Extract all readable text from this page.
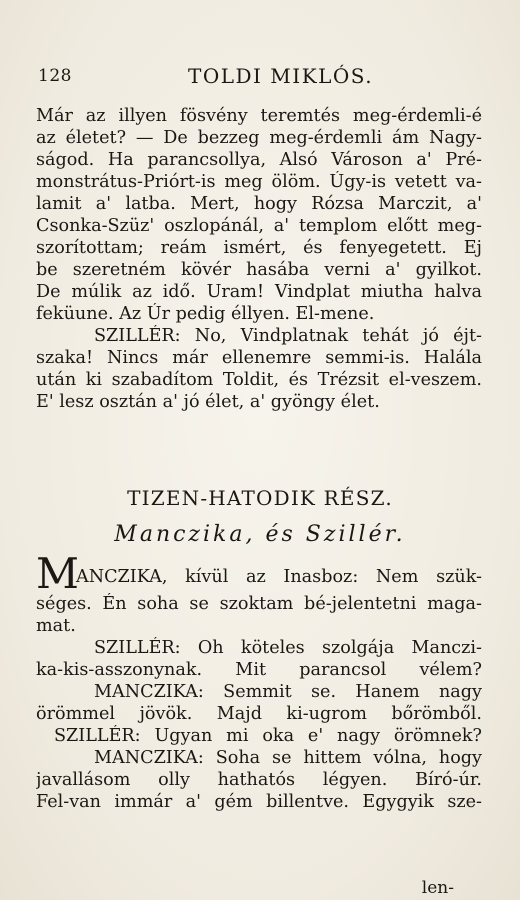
128	TOLDI MIKLÓS.
Már az illyen fösvény teremtés meg-érdemli-é
az életet? — De bezzeg meg-érdemli ám Nagy-
ságod. Ha parancsollya, Alsó Városon a' Pré-
monstrátus-Priórt-is meg ölöm. Úgy-is vetett va-
lamit a' latba. Mert, hogy Rózsa Marczit, a'
Csonka-Szüz' oszlopánál, a' templom előtt meg-
szorítottam; reám ismért, és fenyegetett. Ej
be szeretném kövér hasába verni a' gyilkot.
De múlik az idő. Uram! Vindplat miutha halva
feküune. Az Úr pedig éllyen. El-mene.
SZILLÉR: No, Vindplatnak tehát jó éjt-
szaka! Nincs már ellenemre semmi-is. Halála
után ki szabadítom Toldit, és Trézsit el-veszem.
E' lesz osztán a' jó élet, a' gyöngy élet.
TIZEN-HATODIK RÉSZ.
Manczika, és Szillér.
M
ANCZIKA, kívül az Inasboz: Nem szük-
séges. Én soha se szoktam bé-jelentetni maga-
mat.
SZILLÉR: Oh köteles szolgája Manczi-
ka-kis-asszonynak. Mit parancsol vélem?
MANCZIKA: Semmit se. Hanem nagy
örömmel jövök. Majd ki-ugrom bőrömből.
SZILLÉR: Ugyan mi oka e' nagy örömnek?
MANCZIKA: Soha se hittem vólna, hogy
javallásom olly hathatós légyen. Bíró-úr.
Fel-van immár a' gém billentve. Egygyik sze-
len-
